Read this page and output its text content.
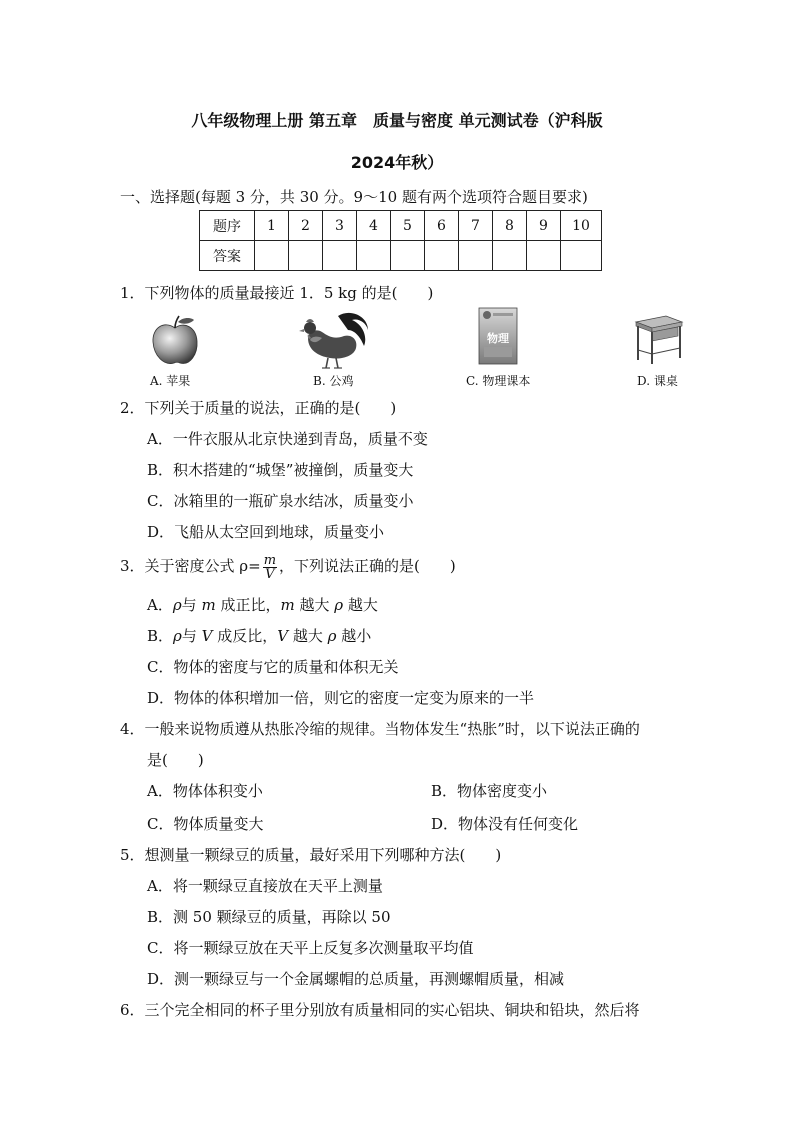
八年级物理上册 第五章　质量与密度 单元测试卷（沪科版
2024年秋）
一、选择题(每题 3 分，共 30 分。9～10 题有两个选项符合题目要求)
题序	1	2	3	4	5	6	7	8	9	10
答案										
1．下列物体的质量最接近 1．5 kg 的是(　　)
A. 苹果	B. 公鸡
物理
C. 物理课本	D. 课桌
2．下列关于质量的说法，正确的是(　　)
A．一件衣服从北京快递到青岛，质量不变
B．积木搭建的“城堡”被撞倒，质量变大
C．冰箱里的一瓶矿泉水结冰，质量变小
D．飞船从太空回到地球，质量变小
3．关于密度公式 $\rho= \frac{m}{V}$ ，下列说法正确的是(　　)
A．ρ与 m 成正比，m 越大 ρ 越大
B．ρ与 V 成反比，V 越大 ρ 越小
C．物体的密度与它的质量和体积无关
D．物体的体积增加一倍，则它的密度一定变为原来的一半
4．一般来说物质遵从热胀冷缩的规律。当物体发生“热胀”时，以下说法正确的
是(　　)
A．物体体积变小	B．物体密度变小
C．物体质量变大	D．物体没有任何变化
5．想测量一颗绿豆的质量，最好采用下列哪种方法(　　)
A．将一颗绿豆直接放在天平上测量
B．测 50 颗绿豆的质量，再除以 50
C．将一颗绿豆放在天平上反复多次测量取平均值
D．测一颗绿豆与一个金属螺帽的总质量，再测螺帽质量，相减
6．三个完全相同的杯子里分别放有质量相同的实心铝块、铜块和铅块，然后将
